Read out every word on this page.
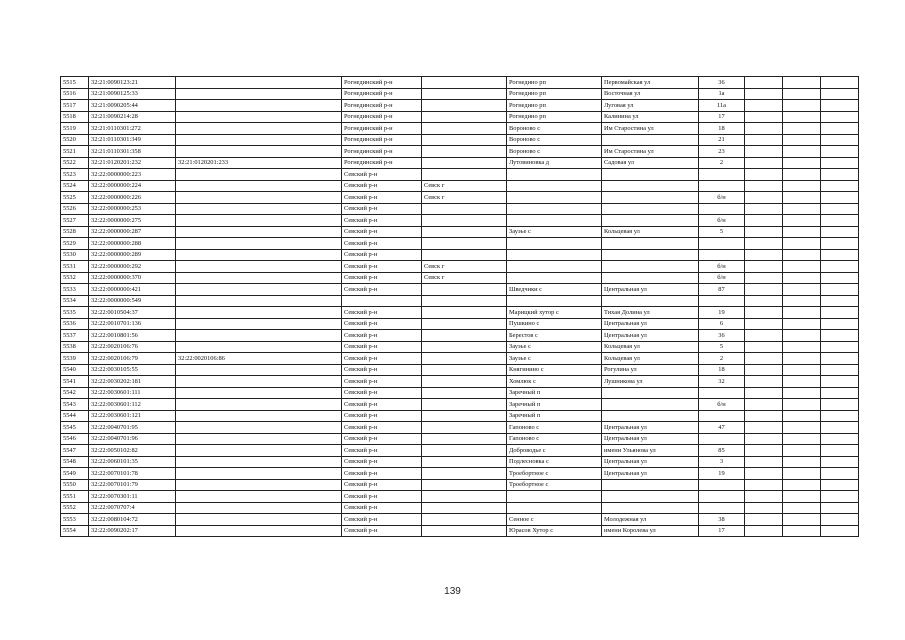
5515	32:21:0090123:21		Рогнединский р-н		Рогнедино рп	Первомайская ул	36			
5516	32:21:0090125:33		Рогнединский р-н		Рогнедино рп	Восточная ул	1а			
5517	32:21:0090205:44		Рогнединский р-н		Рогнедино рп	Луговая ул	11а			
5518	32:21:0090214:28		Рогнединский р-н		Рогнедино рп	Калинина ул	17			
5519	32:21:0110301:272		Рогнединский р-н		Вороново с	Им Старостина ул	18			
5520	32:21:0110301:349		Рогнединский р-н		Вороново с		21			
5521	32:21:0110301:358		Рогнединский р-н		Вороново с	Им Старостина ул	23			
5522	32:21:0120201:232	32:21:0120201:233	Рогнединский р-н		Лутовиновка д	Садовая ул	2			
5523	32:22:0000000:223		Севский р-н							
5524	32:22:0000000:224		Севский р-н	Севск г						
5525	32:22:0000000:226		Севский р-н	Севск г			б/н			
5526	32:22:0000000:253		Севский р-н							
5527	32:22:0000000:275		Севский р-н				б/н			
5528	32:22:0000000:287		Севский р-н		Зауэье с	Кольцевая ул	5			
5529	32:22:0000000:288		Севский р-н							
5530	32:22:0000000:289		Севский р-н							
5531	32:22:0000000:292		Севский р-н	Севск г			б/н			
5532	32:22:0000000:370		Севский р-н	Севск г			б/н			
5533	32:22:0000000:421		Севский р-н		Шведчики с	Центральная ул	87			
5534	32:22:0000000:549									
5535	32:22:0010504:37		Севский р-н		Марицкий хутор с	Тихая Долина ул	19			
5536	32:22:0010701:136		Севский р-н		Пушкино с	Центральная ул	6			
5537	32:22:0010801:56		Севский р-н		Берестов с	Центральная ул	36			
5538	32:22:0020106:76		Севский р-н		Зауэье с	Кольцевая ул	5			
5539	32:22:0020106:79	32:22:0020106:86	Севский р-н		Зауэье с	Кольцевая ул	2			
5540	32:22:0030105:55		Севский р-н		Княгинино с	Рогулина ул	18			
5541	32:22:0030202:181		Севский р-н		Хомлюк с	Лушникова ул	32			
5542	32:22:0030601:111		Севский р-н		Заречный п					
5543	32:22:0030601:112		Севский р-н		Заречный п		б/н			
5544	32:22:0030601:121		Севский р-н		Заречный п					
5545	32:22:0040701:95		Севский р-н		Гапоново с	Центральная ул	47			
5546	32:22:0040701:96		Севский р-н		Гапоново с	Центральная ул				
5547	32:22:0050102:82		Севский р-н		Доброводье с	имени Ульянова ул	85			
5548	32:22:0060101:35		Севский р-н		Подлесновка с	Центральная ул	3			
5549	32:22:0070101:78		Севский р-н		Троебортное с	Центральная ул	19			
5550	32:22:0070101:79		Севский р-н		Троебортное с					
5551	32:22:0070301:11		Севский р-н							
5552	32:22:0070707:4		Севский р-н							
5553	32:22:0080104:72		Севский р-н		Сенное с	Молодежная ул	38			
5554	32:22:0090202:17		Севский р-н		Юрасов Хутор с	имени Королева ул	17			
139
